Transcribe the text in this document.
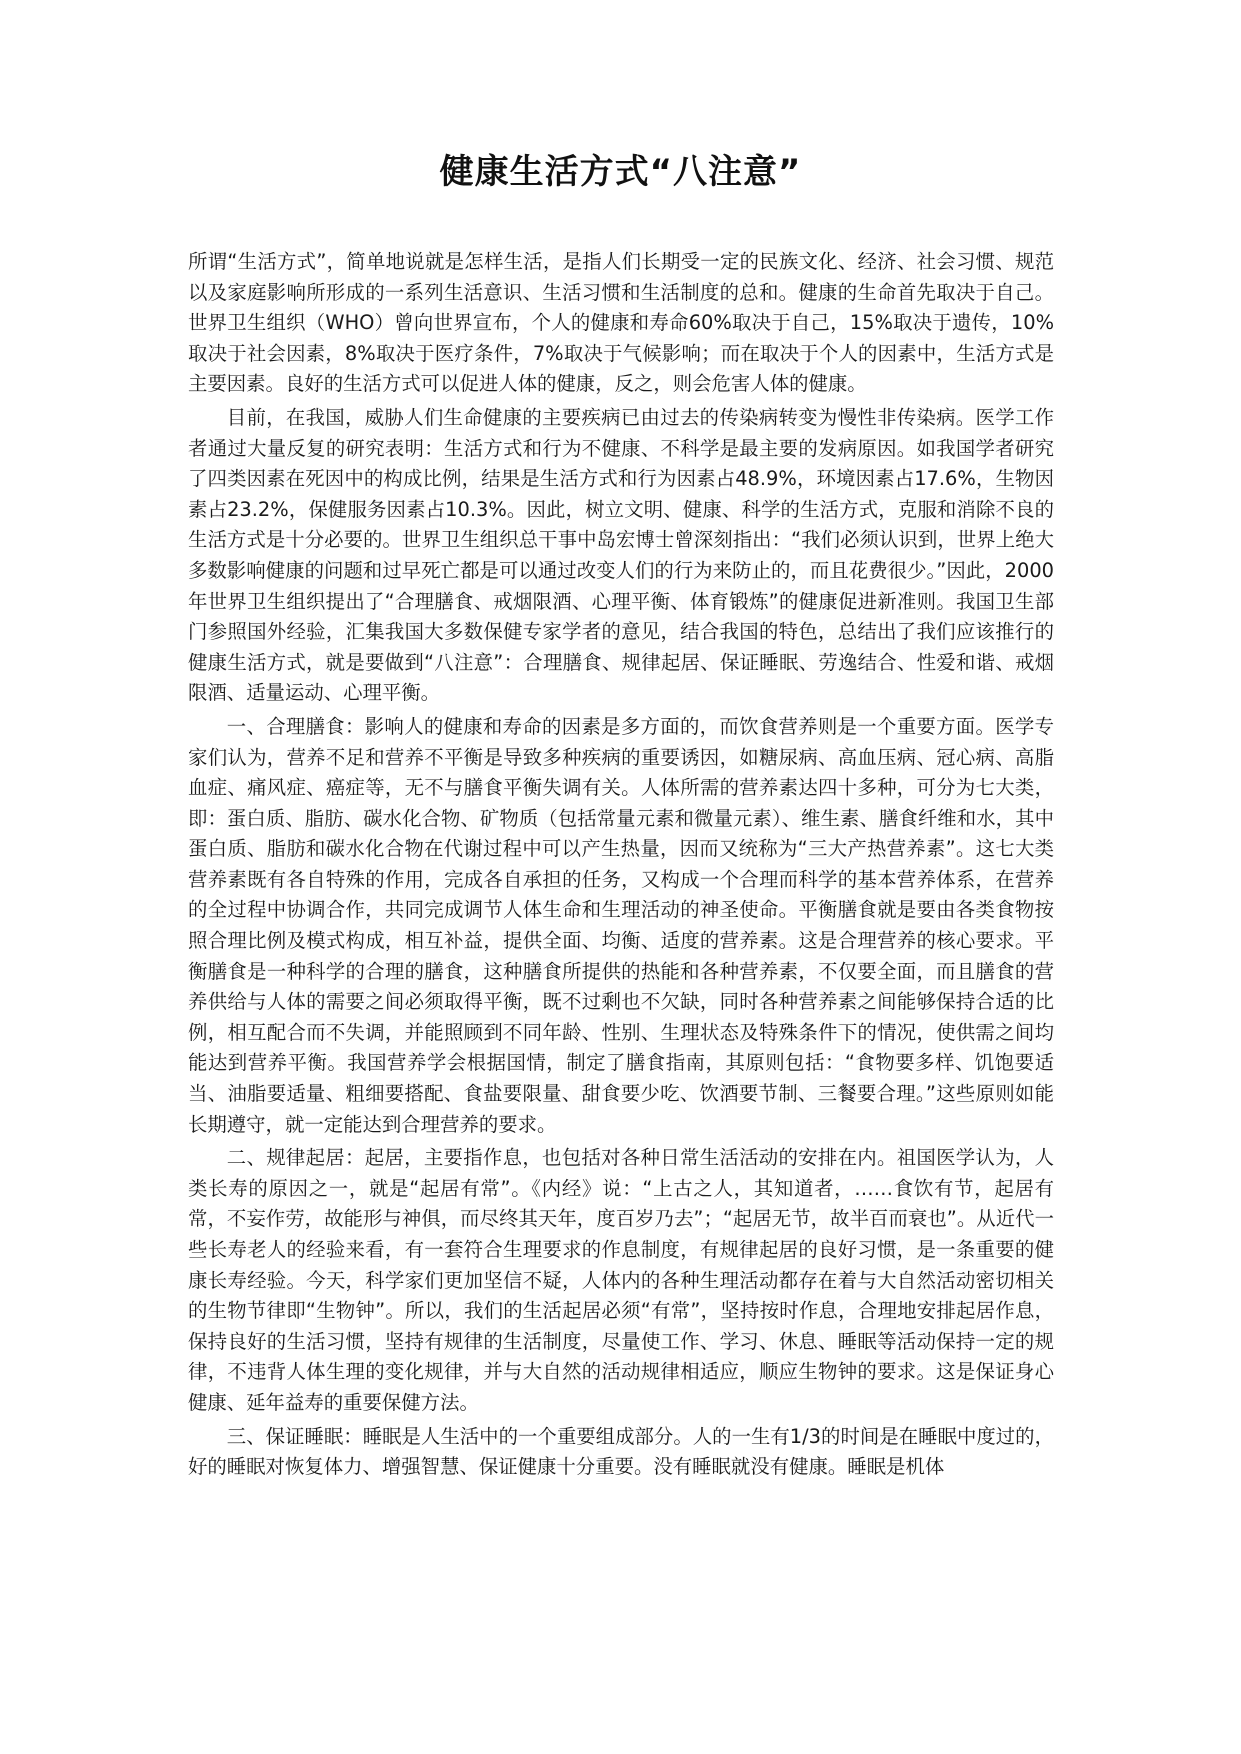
健康生活方式“八注意”

所谓“生活方式”，简单地说就是怎样生活，是指人们长期受一定的民族文化、经济、社会习惯、规范以及家庭影响所形成的一系列生活意识、生活习惯和生活制度的总和。健康的生命首先取决于自己。世界卫生组织（WHO）曾向世界宣布，个人的健康和寿命60%取决于自己，15%取决于遗传，10%取决于社会因素，8%取决于医疗条件，7%取决于气候影响；而在取决于个人的因素中，生活方式是主要因素。良好的生活方式可以促进人体的健康，反之，则会危害人体的健康。

目前，在我国，威胁人们生命健康的主要疾病已由过去的传染病转变为慢性非传染病。医学工作者通过大量反复的研究表明：生活方式和行为不健康、不科学是最主要的发病原因。如我国学者研究了四类因素在死因中的构成比例，结果是生活方式和行为因素占48.9%，环境因素占17.6%，生物因素占23.2%，保健服务因素占10.3%。因此，树立文明、健康、科学的生活方式，克服和消除不良的生活方式是十分必要的。世界卫生组织总干事中岛宏博士曾深刻指出：“我们必须认识到，世界上绝大多数影响健康的问题和过早死亡都是可以通过改变人们的行为来防止的，而且花费很少。”因此，2000年世界卫生组织提出了“合理膳食、戒烟限酒、心理平衡、体育锻炼”的健康促进新准则。我国卫生部门参照国外经验，汇集我国大多数保健专家学者的意见，结合我国的特色，总结出了我们应该推行的健康生活方式，就是要做到“八注意”：合理膳食、规律起居、保证睡眠、劳逸结合、性爱和谐、戒烟限酒、适量运动、心理平衡。

一、合理膳食：影响人的健康和寿命的因素是多方面的，而饮食营养则是一个重要方面。医学专家们认为，营养不足和营养不平衡是导致多种疾病的重要诱因，如糖尿病、高血压病、冠心病、高脂血症、痛风症、癌症等，无不与膳食平衡失调有关。人体所需的营养素达四十多种，可分为七大类，即：蛋白质、脂肪、碳水化合物、矿物质（包括常量元素和微量元素）、维生素、膳食纤维和水，其中蛋白质、脂肪和碳水化合物在代谢过程中可以产生热量，因而又统称为“三大产热营养素”。这七大类营养素既有各自特殊的作用，完成各自承担的任务，又构成一个合理而科学的基本营养体系，在营养的全过程中协调合作，共同完成调节人体生命和生理活动的神圣使命。平衡膳食就是要由各类食物按照合理比例及模式构成，相互补益，提供全面、均衡、适度的营养素。这是合理营养的核心要求。平衡膳食是一种科学的合理的膳食，这种膳食所提供的热能和各种营养素，不仅要全面，而且膳食的营养供给与人体的需要之间必须取得平衡，既不过剩也不欠缺，同时各种营养素之间能够保持合适的比例，相互配合而不失调，并能照顾到不同年龄、性别、生理状态及特殊条件下的情况，使供需之间均能达到营养平衡。我国营养学会根据国情，制定了膳食指南，其原则包括：“食物要多样、饥饱要适当、油脂要适量、粗细要搭配、食盐要限量、甜食要少吃、饮酒要节制、三餐要合理。”这些原则如能长期遵守，就一定能达到合理营养的要求。

二、规律起居：起居，主要指作息，也包括对各种日常生活活动的安排在内。祖国医学认为，人类长寿的原因之一，就是“起居有常”。《内经》说：“上古之人，其知道者，……食饮有节，起居有常，不妄作劳，故能形与神俱，而尽终其天年，度百岁乃去”；“起居无节，故半百而衰也”。从近代一些长寿老人的经验来看，有一套符合生理要求的作息制度，有规律起居的良好习惯，是一条重要的健康长寿经验。今天，科学家们更加坚信不疑，人体内的各种生理活动都存在着与大自然活动密切相关的生物节律即“生物钟”。所以，我们的生活起居必须“有常”，坚持按时作息，合理地安排起居作息，保持良好的生活习惯，坚持有规律的生活制度，尽量使工作、学习、休息、睡眠等活动保持一定的规律，不违背人体生理的变化规律，并与大自然的活动规律相适应，顺应生物钟的要求。这是保证身心健康、延年益寿的重要保健方法。

三、保证睡眠：睡眠是人生活中的一个重要组成部分。人的一生有1/3的时间是在睡眠中度过的，好的睡眠对恢复体力、增强智慧、保证健康十分重要。没有睡眠就没有健康。睡眠是机体
